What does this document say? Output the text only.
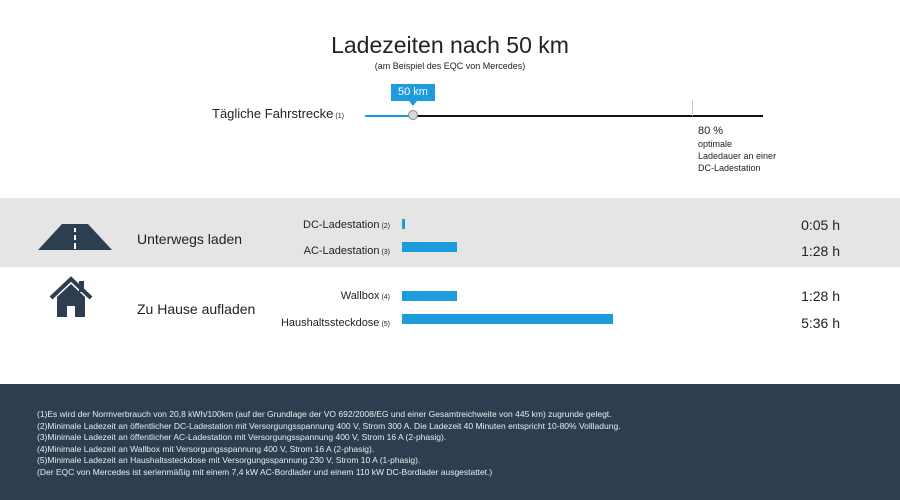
Ladezeiten nach 50 km
(am Beispiel des EQC von Mercedes)
Tägliche Fahrstrecke (1)
50 km
80 %
optimale
Ladedauer an einer
DC-Ladestation
Unterwegs laden
Zu Hause aufladen
DC-Ladestation (2)
AC-Ladestation (3)
Wallbox (4)
Haushaltssteckdose (5)
0:05 h
1:28 h
1:28 h
5:36 h
(1)Es wird der Normverbrauch von 20,8 kWh/100km (auf der Grundlage der VO 692/2008/EG und einer Gesamtreichweite von 445 km) zugrunde gelegt.
(2)Minimale Ladezeit an öffentlicher DC-Ladestation mit Versorgungsspannung 400 V, Strom 300 A. Die Ladezeit 40 Minuten entspricht 10-80% Vollladung.
(3)Minimale Ladezeit an öffentlicher AC-Ladestation mit Versorgungsspannung 400 V, Strom 16 A (2-phasig).
(4)Minimale Ladezeit an Wallbox mit Versorgungsspannung 400 V, Strom 16 A (2-phasig).
(5)Minimale Ladezeit an Haushaltssteckdose mit Versorgungsspannung 230 V, Strom 10 A (1-phasig).
(Der EQC von Mercedes ist serienmäßig mit einem 7,4 kW AC-Bordlader und einem 110 kW DC-Bordlader ausgestattet.)
